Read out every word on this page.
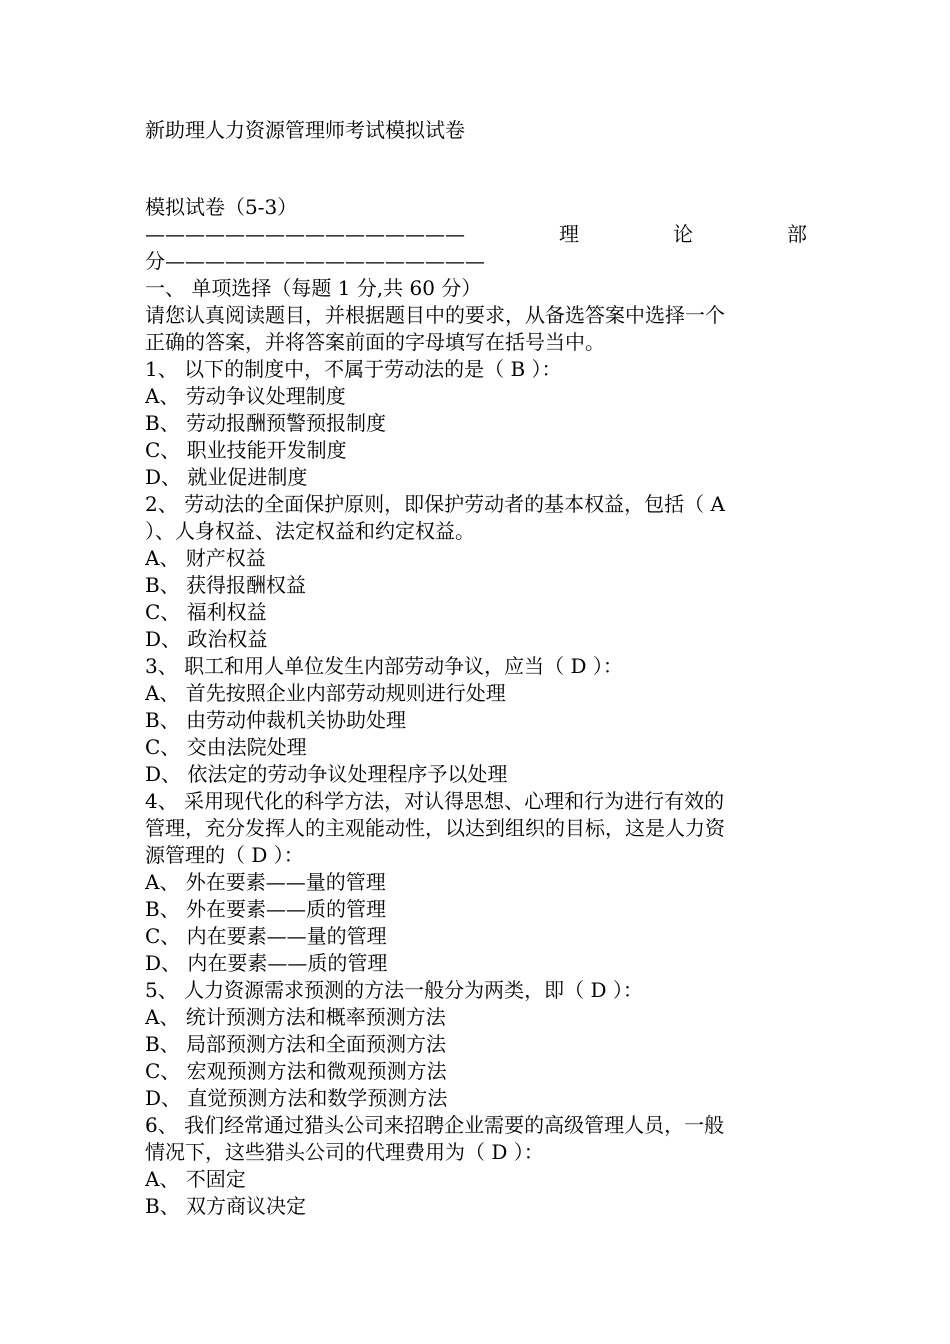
新助理人力资源管理师考试模拟试卷
模拟试卷（5-3）
————————————————	理	论	部
分————————————————
一、 单项选择（每题 1 分,共 60 分）
请您认真阅读题目，并根据题目中的要求，从备选答案中选择一个
正确的答案，并将答案前面的字母填写在括号当中。
1、 以下的制度中，不属于劳动法的是（ B ）：
A、 劳动争议处理制度
B、 劳动报酬预警预报制度
C、 职业技能开发制度
D、 就业促进制度
2、 劳动法的全面保护原则，即保护劳动者的基本权益，包括（ A
）、人身权益、法定权益和约定权益。
A、 财产权益
B、 获得报酬权益
C、 福利权益
D、 政治权益
3、 职工和用人单位发生内部劳动争议，应当（ D ）：
A、 首先按照企业内部劳动规则进行处理
B、 由劳动仲裁机关协助处理
C、 交由法院处理
D、 依法定的劳动争议处理程序予以处理
4、 采用现代化的科学方法，对认得思想、心理和行为进行有效的
管理，充分发挥人的主观能动性，以达到组织的目标，这是人力资
源管理的（ D ）：
A、 外在要素——量的管理
B、 外在要素——质的管理
C、 内在要素——量的管理
D、 内在要素——质的管理
5、 人力资源需求预测的方法一般分为两类，即（ D ）：
A、 统计预测方法和概率预测方法
B、 局部预测方法和全面预测方法
C、 宏观预测方法和微观预测方法
D、 直觉预测方法和数学预测方法
6、 我们经常通过猎头公司来招聘企业需要的高级管理人员，一般
情况下，这些猎头公司的代理费用为（ D ）：
A、 不固定
B、 双方商议决定
